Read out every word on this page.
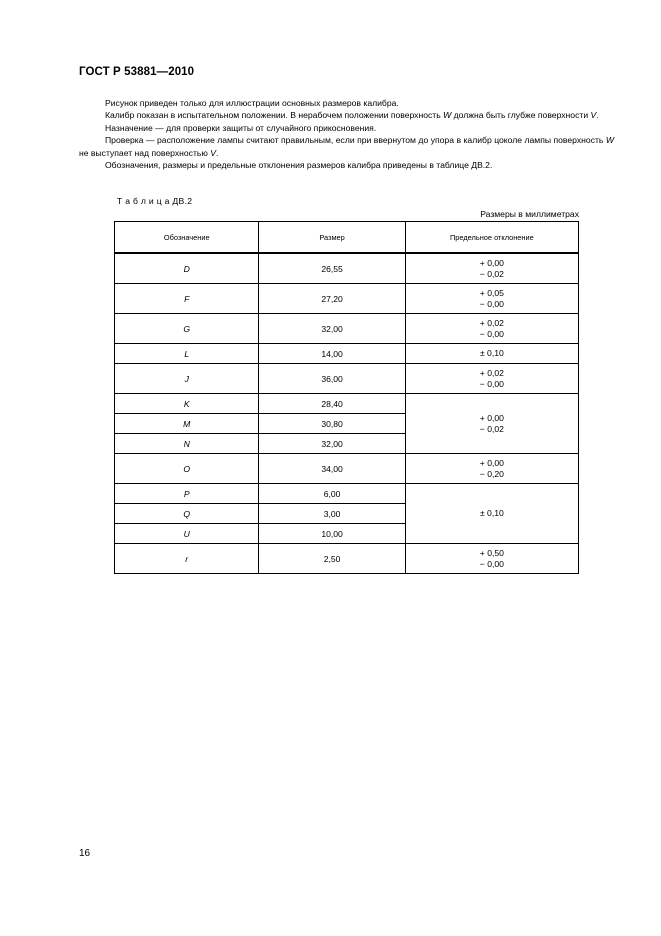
ГОСТ Р 53881—2010

Рисунок приведен только для иллюстрации основных размеров калибра.

Калибр показан в испытательном положении. В нерабочем положении поверхность W должна быть глубже поверхности V.

Назначение — для проверки защиты от случайного прикосновения.

Проверка — расположение лампы считают правильным, если при ввернутом до упора в калибр цоколе лампы поверхность W не выступает над поверхностью V.

Обозначения, размеры и предельные отклонения размеров калибра приведены в таблице ДВ.2.

Т а б л и ц а ДВ.2
Размеры в миллиметрах
Обозначение	Размер	Предельное отклонение
D	26,55	+ 0,00
− 0,02

F	27,20	+ 0,05
− 0,00

G	32,00	+ 0,02
− 0,00

L	14,00	± 0,10
J	36,00	+ 0,02
− 0,00

K	28,40	+ 0,00
− 0,02

M	30,80	
N	32,00	
O	34,00	+ 0,00
− 0,20

P	6,00	± 0,10
Q	3,00	
U	10,00	
r	2,50	+ 0,50
− 0,00
16
